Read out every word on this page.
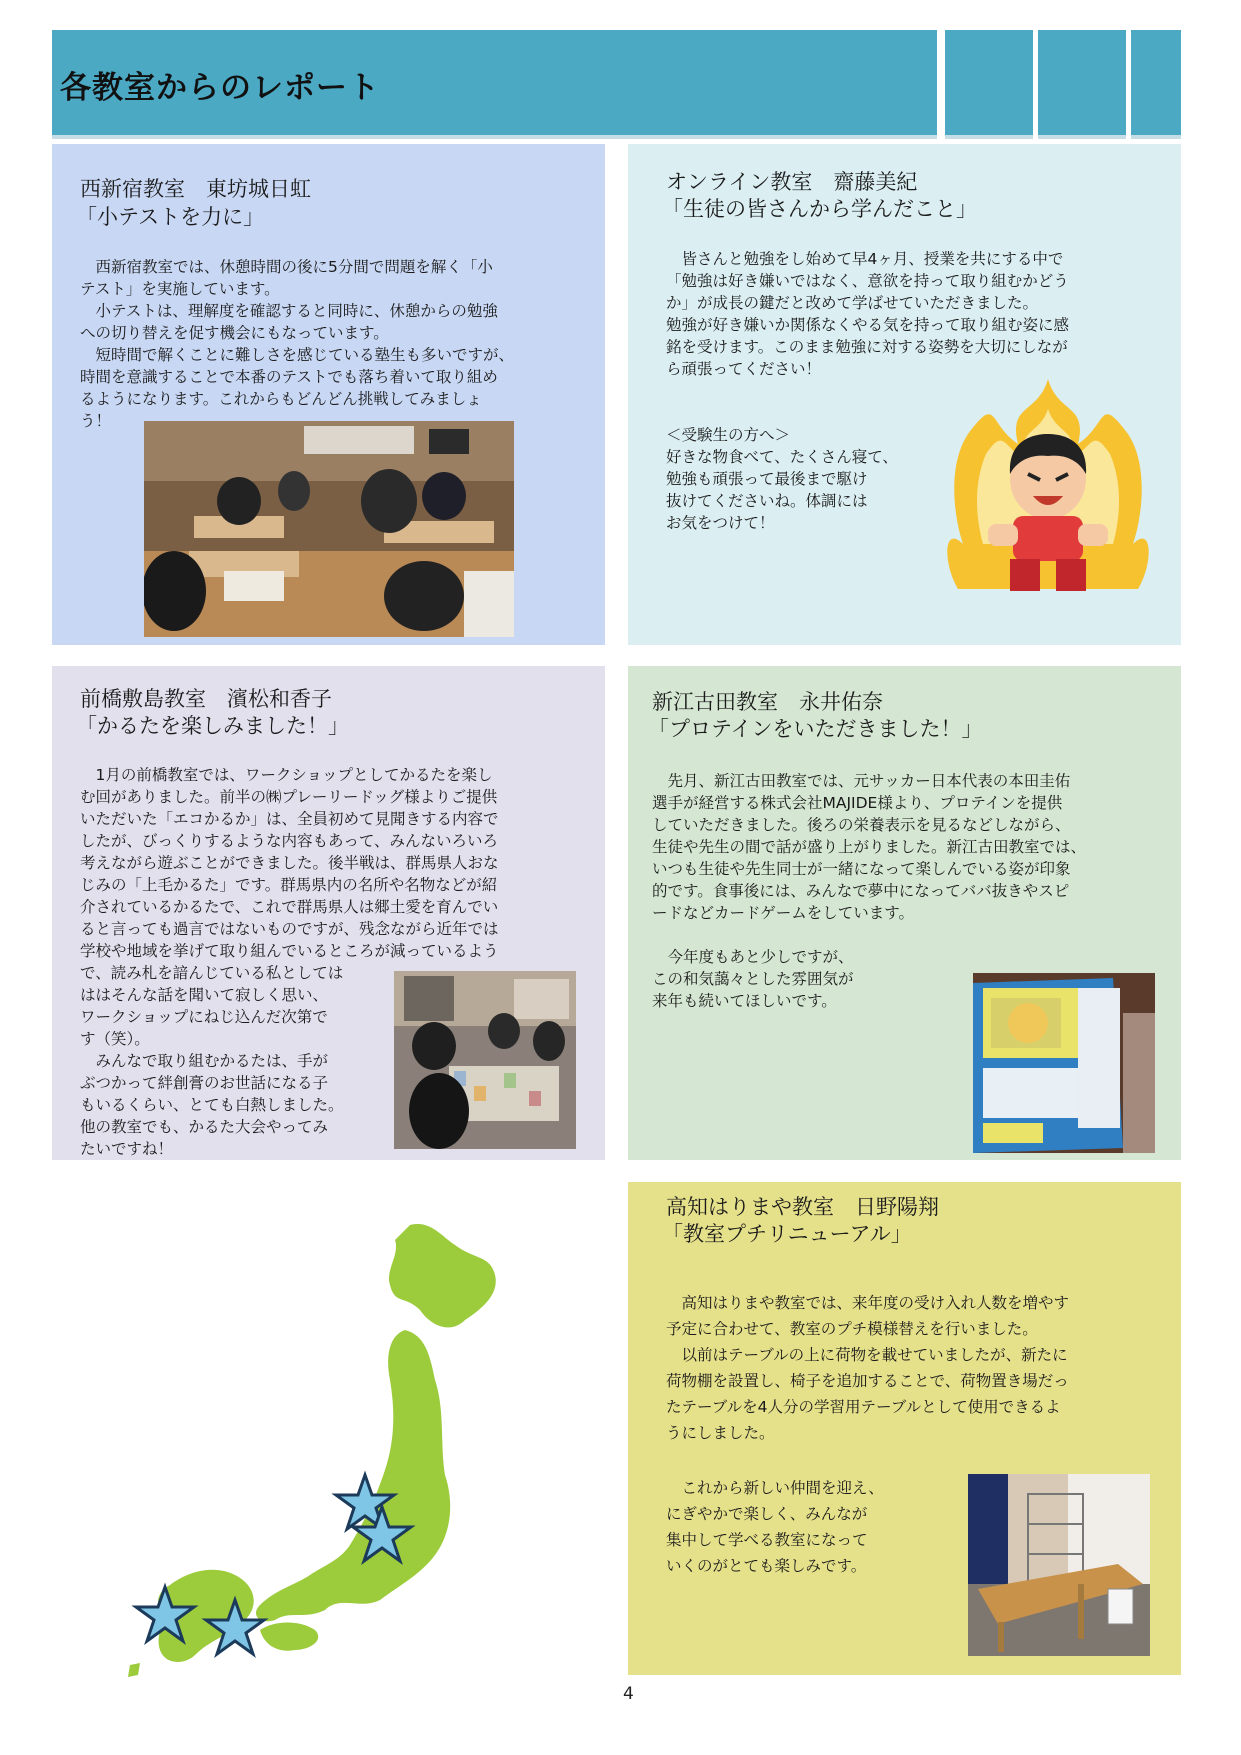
各教室からのレポート
西新宿教室　東坊城日虹
「小テストを力に」
　西新宿教室では、休憩時間の後に5分間で問題を解く「小
テスト」を実施しています。
　小テストは、理解度を確認すると同時に、休憩からの勉強
への切り替えを促す機会にもなっています。
　短時間で解くことに難しさを感じている塾生も多いですが、
時間を意識することで本番のテストでも落ち着いて取り組め
るようになります。これからもどんどん挑戦してみましょ
う！
オンライン教室　齋藤美紀
「生徒の皆さんから学んだこと」
　皆さんと勉強をし始めて早4ヶ月、授業を共にする中で
「勉強は好き嫌いではなく、意欲を持って取り組むかどう
か」が成長の鍵だと改めて学ばせていただきました。
勉強が好き嫌いか関係なくやる気を持って取り組む姿に感
銘を受けます。このまま勉強に対する姿勢を大切にしなが
ら頑張ってください！
＜受験生の方へ＞
好きな物食べて、たくさん寝て、
勉強も頑張って最後まで駆け
抜けてくださいね。体調には
お気をつけて！
前橋敷島教室　濱松和香子
「かるたを楽しみました！」
　1月の前橋教室では、ワークショップとしてかるたを楽し
む回がありました。前半の㈱プレーリードッグ様よりご提供
いただいた「エコかるか」は、全員初めて見聞きする内容で
したが、びっくりするような内容もあって、みんないろいろ
考えながら遊ぶことができました。後半戦は、群馬県人おな
じみの「上毛かるた」です。群馬県内の名所や名物などが紹
介されているかるたで、これで群馬県人は郷土愛を育んでい
ると言っても過言ではないものですが、残念ながら近年では
学校や地域を挙げて取り組んでいるところが減っているよう
で、読み札を諳んじている私としては
ははそんな話を聞いて寂しく思い、
ワークショップにねじ込んだ次第で
す（笑）。
　みんなで取り組むかるたは、手が
ぶつかって絆創膏のお世話になる子
もいるくらい、とても白熱しました。
他の教室でも、かるた大会やってみ
たいですね！
新江古田教室　永井佑奈
「プロテインをいただきました！」
　先月、新江古田教室では、元サッカー日本代表の本田圭佑
選手が経営する株式会社MAJIDE様より、プロテインを提供
していただきました。後ろの栄養表示を見るなどしながら、
生徒や先生の間で話が盛り上がりました。新江古田教室では、
いつも生徒や先生同士が一緒になって楽しんでいる姿が印象
的です。食事後には、みんなで夢中になってババ抜きやスピ
ードなどカードゲームをしています。
　今年度もあと少しですが、
この和気藹々とした雰囲気が
来年も続いてほしいです。
高知はりまや教室　日野陽翔
「教室プチリニューアル」
　高知はりまや教室では、来年度の受け入れ人数を増やす
予定に合わせて、教室のプチ模様替えを行いました。
　以前はテーブルの上に荷物を載せていましたが、新たに
荷物棚を設置し、椅子を追加することで、荷物置き場だっ
たテーブルを4人分の学習用テーブルとして使用できるよ
うにしました。
　これから新しい仲間を迎え、
にぎやかで楽しく、みんなが
集中して学べる教室になって
いくのがとても楽しみです。
4
